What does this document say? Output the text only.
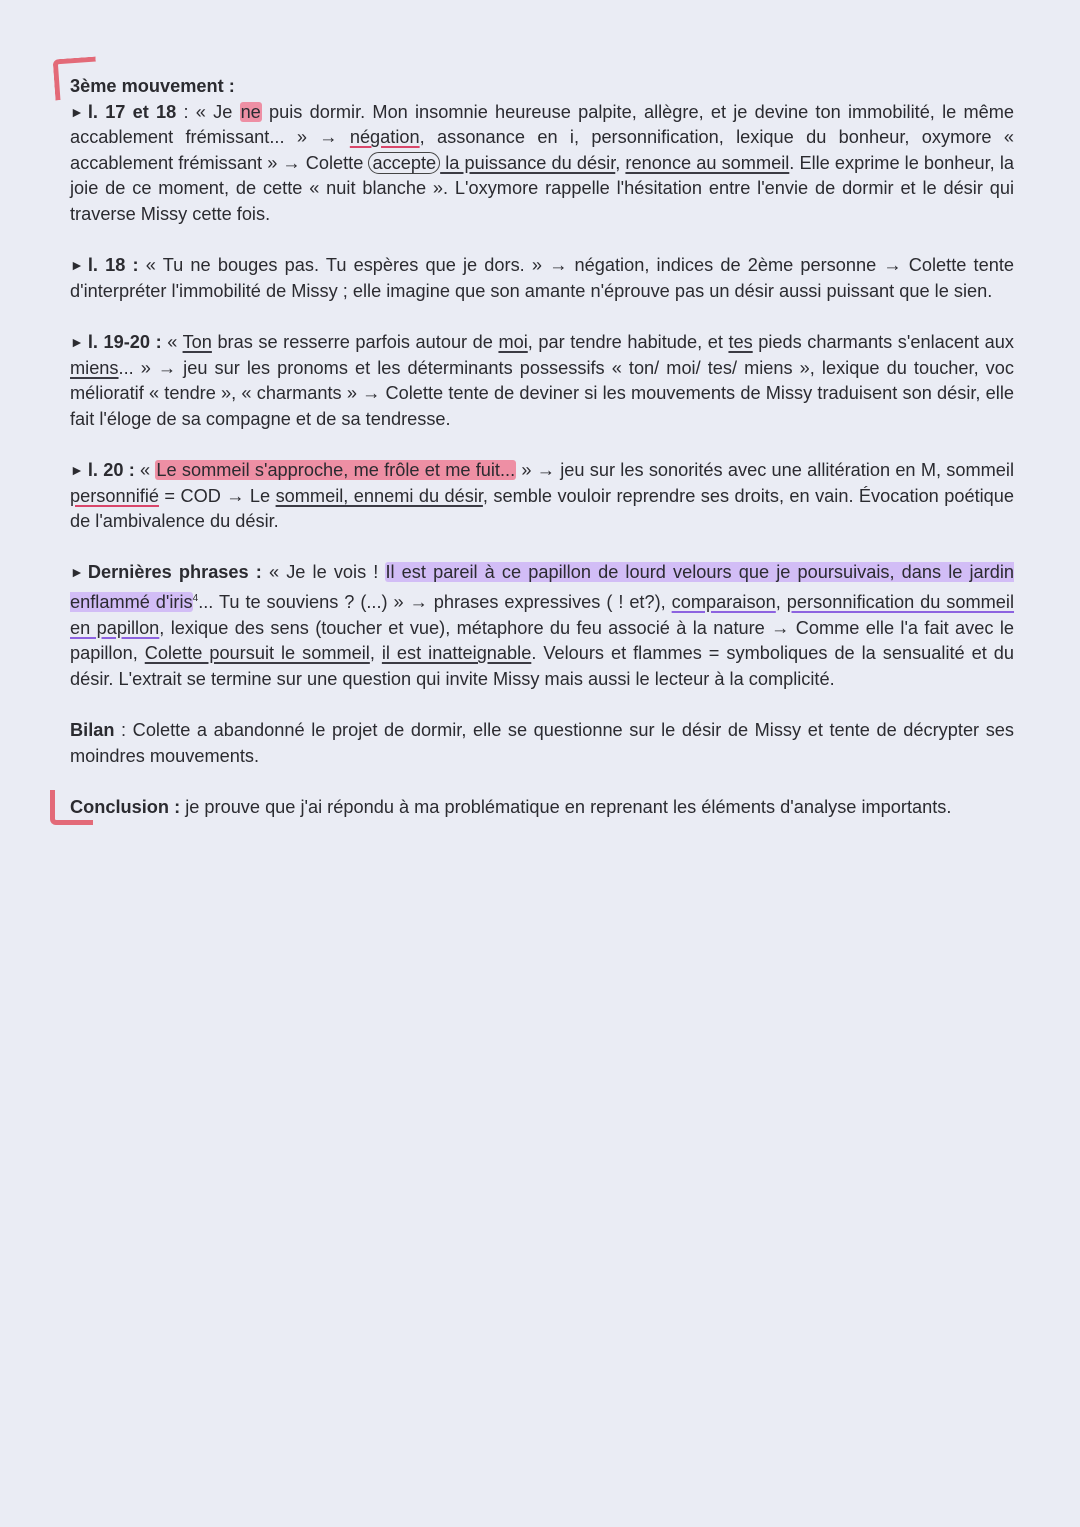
3ème mouvement :

► l. 17 et 18 : « Je ne puis dormir. Mon insomnie heureuse palpite, allègre, et je devine ton immobilité, le même accablement frémissant... » → négation, assonance en i, personnification, lexique du bonheur, oxymore « accablement frémissant » → Colette accepte la puissance du désir, renonce au sommeil. Elle exprime le bonheur, la joie de ce moment, de cette « nuit blanche ». L'oxymore rappelle l'hésitation entre l'envie de dormir et le désir qui traverse Missy cette fois.

► l. 18 : « Tu ne bouges pas. Tu espères que je dors. » → négation, indices de 2ème personne → Colette tente d'interpréter l'immobilité de Missy ; elle imagine que son amante n'éprouve pas un désir aussi puissant que le sien.

► l. 19-20 : « Ton bras se resserre parfois autour de moi, par tendre habitude, et tes pieds charmants s'enlacent aux miens... » → jeu sur les pronoms et les déterminants possessifs « ton/ moi/ tes/ miens », lexique du toucher, voc mélioratif « tendre », « charmants » → Colette tente de deviner si les mouvements de Missy traduisent son désir, elle fait l'éloge de sa compagne et de sa tendresse.

► l. 20 : « Le sommeil s'approche, me frôle et me fuit... » → jeu sur les sonorités avec une allitération en M, sommeil personnifié = COD → Le sommeil, ennemi du désir, semble vouloir reprendre ses droits, en vain. Évocation poétique de l'ambivalence du désir.

► Dernières phrases : « Je le vois ! Il est pareil à ce papillon de lourd velours que je poursuivais, dans le jardin enflammé d'iris$^4$... Tu te souviens ? (...) » → phrases expressives ( ! et?), comparaison, personnification du sommeil en papillon, lexique des sens (toucher et vue), métaphore du feu associé à la nature → Comme elle l'a fait avec le papillon, Colette poursuit le sommeil, il est inatteignable. Velours et flammes = symboliques de la sensualité et du désir. L'extrait se termine sur une question qui invite Missy mais aussi le lecteur à la complicité.

Bilan : Colette a abandonné le projet de dormir, elle se questionne sur le désir de Missy et tente de décrypter ses moindres mouvements.

Conclusion : je prouve que j'ai répondu à ma problématique en reprenant les éléments d'analyse importants.
